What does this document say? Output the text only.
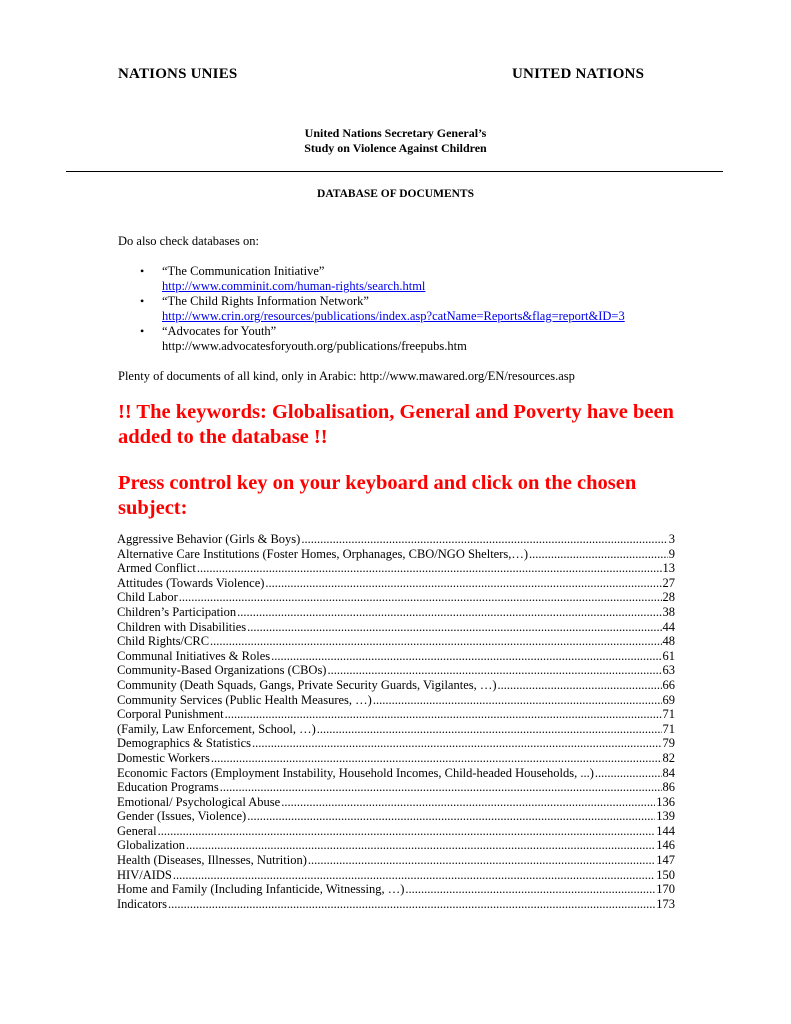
NATIONS UNIES	UNITED NATIONS
United Nations Secretary General’s
Study on Violence Against Children
DATABASE OF DOCUMENTS
Do also check databases on:
• “The Communication Initiative”
http://www.comminit.com/human-rights/search.html
• “The Child Rights Information Network”
http://www.crin.org/resources/publications/index.asp?catName=Reports&flag=report&ID=3
• “Advocates for Youth”
http://www.advocatesforyouth.org/publications/freepubs.htm
Plenty of documents of all kind, only in Arabic: http://www.mawared.org/EN/resources.asp
!! The keywords: Globalisation, General and Poverty have been added to the database !!
Press control key on your keyboard and click on the chosen subject:
Aggressive Behavior (Girls & Boys) .....	3
Alternative Care Institutions (Foster Homes, Orphanages, CBO/NGO Shelters,…) .....	9
Armed Conflict .....	13
Attitudes (Towards Violence) .....	27
Child Labor .....	28
Children’s Participation .....	38
Children with Disabilities .....	44
Child Rights/CRC .....	48
Communal Initiatives & Roles .....	61
Community-Based Organizations (CBOs) .....	63
Community (Death Squads, Gangs, Private Security Guards, Vigilantes, …) .....	66
Community Services (Public Health Measures, …) .....	69
Corporal Punishment .....	71
(Family, Law Enforcement, School, …) .....	71
Demographics & Statistics .....	79
Domestic Workers .....	82
Economic Factors (Employment Instability, Household Incomes, Child-headed Households, ...) .....	84
Education Programs .....	86
Emotional/ Psychological Abuse .....	136
Gender (Issues, Violence) .....	139
General .....	144
Globalization .....	146
Health (Diseases, Illnesses, Nutrition) .....	147
HIV/AIDS .....	150
Home and Family (Including Infanticide, Witnessing, …) .....	170
Indicators .....	173
